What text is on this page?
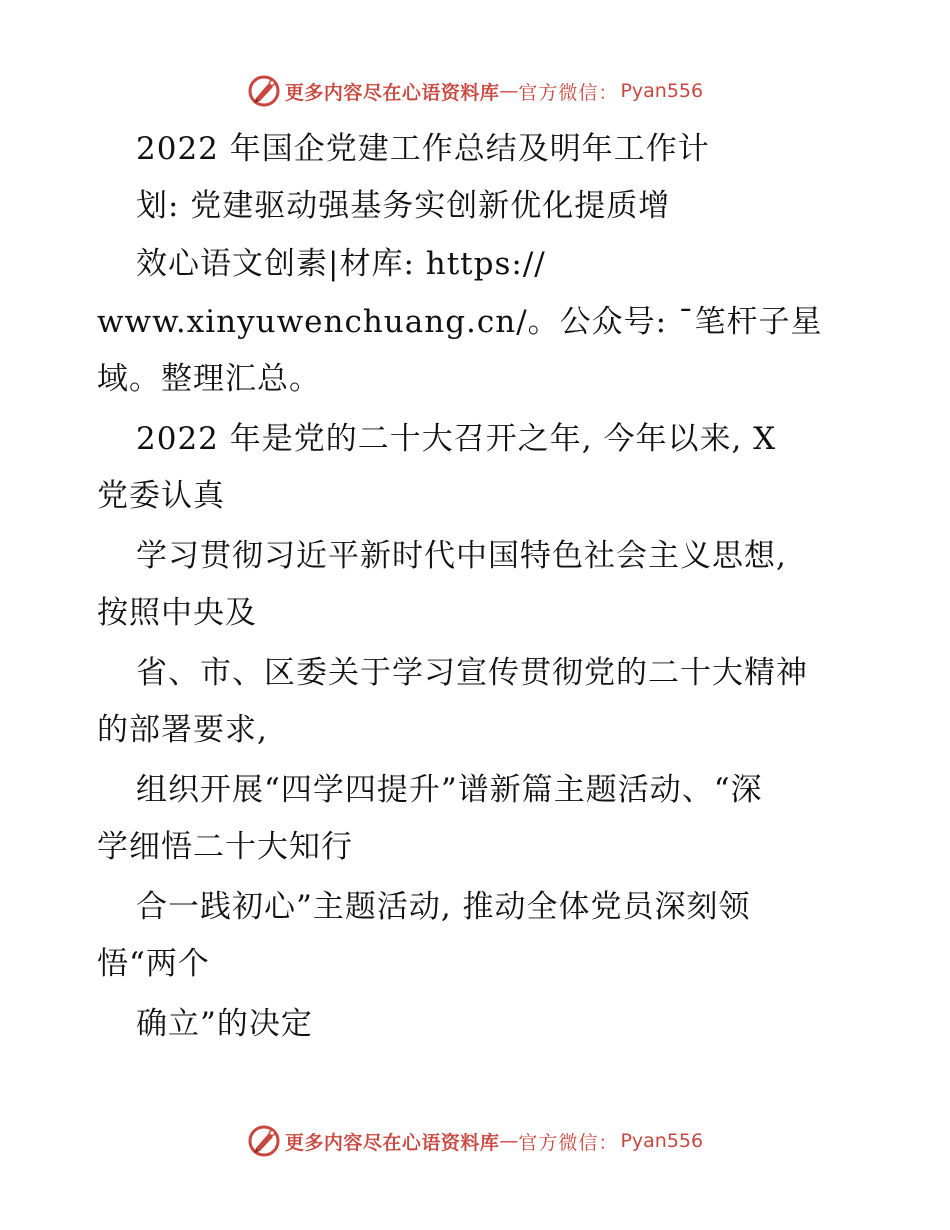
更多内容尽在心语资料库 — 官方微信： Pyan556
2022 年国企党建工作总结及明年工作计
划: 党建驱动强基务实创新优化提质增
效心语文创素|材库: https://
www.xinyuwenchuang.cn/。公众号: ¯笔杆子星
域。整理汇总。
2022 年是党的二十大召开之年, 今年以来, X
党委认真
学习贯彻习近平新时代中国特色社会主义思想,
按照中央及
省、市、区委关于学习宣传贯彻党的二十大精神
的部署要求,
组织开展“四学四提升”谱新篇主题活动、“深
学细悟二十大知行
合一践初心”主题活动, 推动全体党员深刻领
悟“两个
确立”的决定
更多内容尽在心语资料库 — 官方微信： Pyan556
